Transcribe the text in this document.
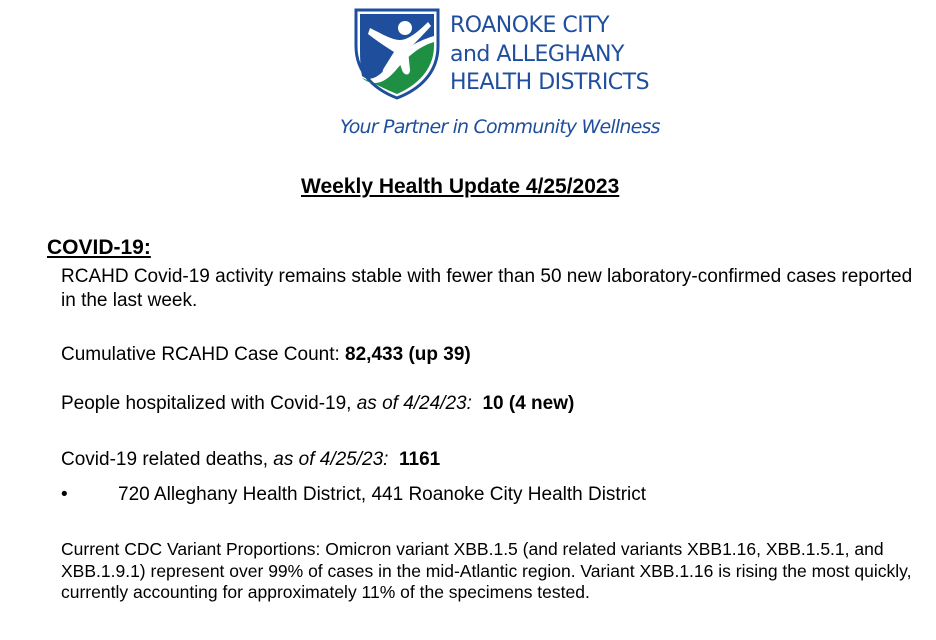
ROANOKE CITY
and ALLEGHANY
HEALTH DISTRICTS
Your Partner in Community Wellness
Weekly Health Update 4/25/2023
COVID-19:

RCAHD Covid-19 activity remains stable with fewer than 50 new laboratory-confirmed cases reported in the last week.

Cumulative RCAHD Case Count: 82,433 (up 39)

People hospitalized with Covid-19, as of 4/24/23: 10 (4 new)

Covid-19 related deaths, as of 4/25/23: 1161

•	720 Alleghany Health District, 441 Roanoke City Health District

Current CDC Variant Proportions: Omicron variant XBB.1.5 (and related variants XBB1.16, XBB.1.5.1, and XBB.1.9.1) represent over 99% of cases in the mid-Atlantic region. Variant XBB.1.16 is rising the most quickly, currently accounting for approximately 11% of the specimens tested.
